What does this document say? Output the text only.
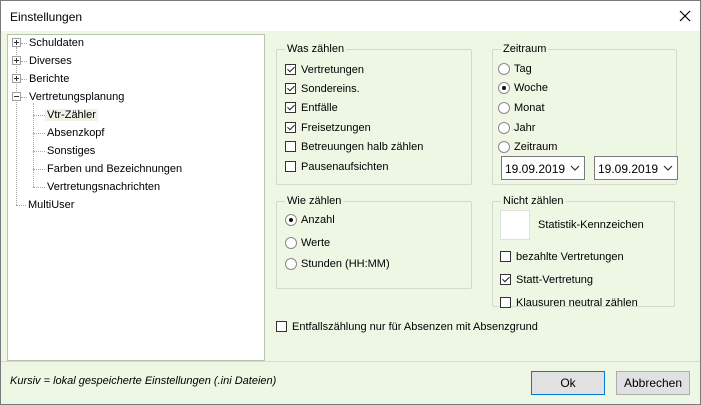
Einstellungen
Schuldaten
Diverses
Berichte
Vertretungsplanung
Vtr-Zähler
Absenzkopf
Sonstiges
Farben und Bezeichnungen
Vertretungsnachrichten
MultiUser
Was zählen
Vertretungen
Sondereins.
Entfälle
Freisetzungen
Betreuungen halb zählen
Pausenaufsichten
Zeitraum
Tag
Woche
Monat
Jahr
Zeitraum
19.09.2019	19.09.2019
Wie zählen
Anzahl
Werte
Stunden (HH:MM)
Nicht zählen
Statistik-Kennzeichen
bezahlte Vertretungen
Statt-Vertretung
Klausuren neutral zählen
Entfallszählung nur für Absenzen mit Absenzgrund
Kursiv = lokal gespeicherte Einstellungen (.ini Dateien)	Ok	Abbrechen
